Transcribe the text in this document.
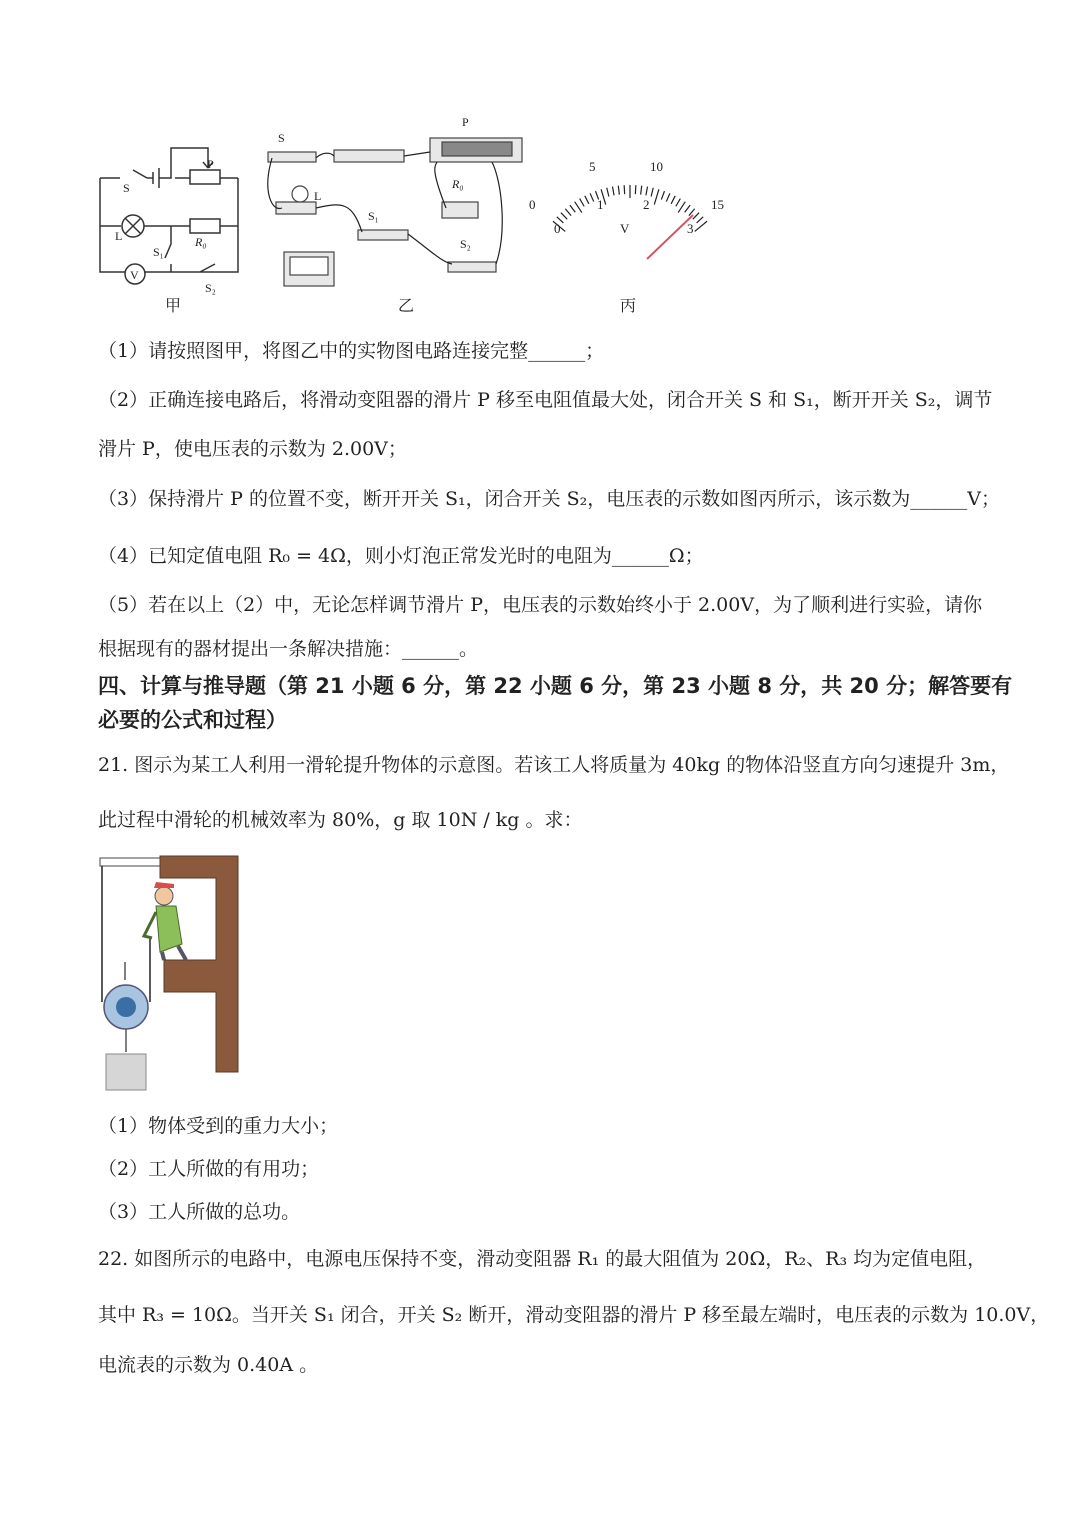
S
P
L	R₀
S₁
S₂
V
甲
S
P
L
R₀
S₁
S₂
乙
0
5	10
15
0
1	2
3
V
丙
（1）请按照图甲，将图乙中的实物图电路连接完整______；
（2）正确连接电路后，将滑动变阻器的滑片 P 移至电阻值最大处，闭合开关 S 和 S₁，断开开关 S₂，调节
滑片 P，使电压表的示数为 2.00V；
（3）保持滑片 P 的位置不变，断开开关 S₁，闭合开关 S₂，电压表的示数如图丙所示，该示数为______V；
（4）已知定值电阻 R₀ = 4Ω，则小灯泡正常发光时的电阻为______Ω；
（5）若在以上（2）中，无论怎样调节滑片 P，电压表的示数始终小于 2.00V，为了顺利进行实验，请你
根据现有的器材提出一条解决措施：______。
四、计算与推导题（第 21 小题 6 分，第 22 小题 6 分，第 23 小题 8 分，共 20 分；解答要有
必要的公式和过程）
21. 图示为某工人利用一滑轮提升物体的示意图。若该工人将质量为 40kg 的物体沿竖直方向匀速提升 3m，
此过程中滑轮的机械效率为 80%，g 取 10N / kg 。求：
（1）物体受到的重力大小；
（2）工人所做的有用功；
（3）工人所做的总功。
22. 如图所示的电路中，电源电压保持不变，滑动变阻器 R₁ 的最大阻值为 20Ω，R₂、R₃ 均为定值电阻，
其中 R₃ = 10Ω。当开关 S₁ 闭合，开关 S₂ 断开，滑动变阻器的滑片 P 移至最左端时，电压表的示数为 10.0V，
电流表的示数为 0.40A 。
